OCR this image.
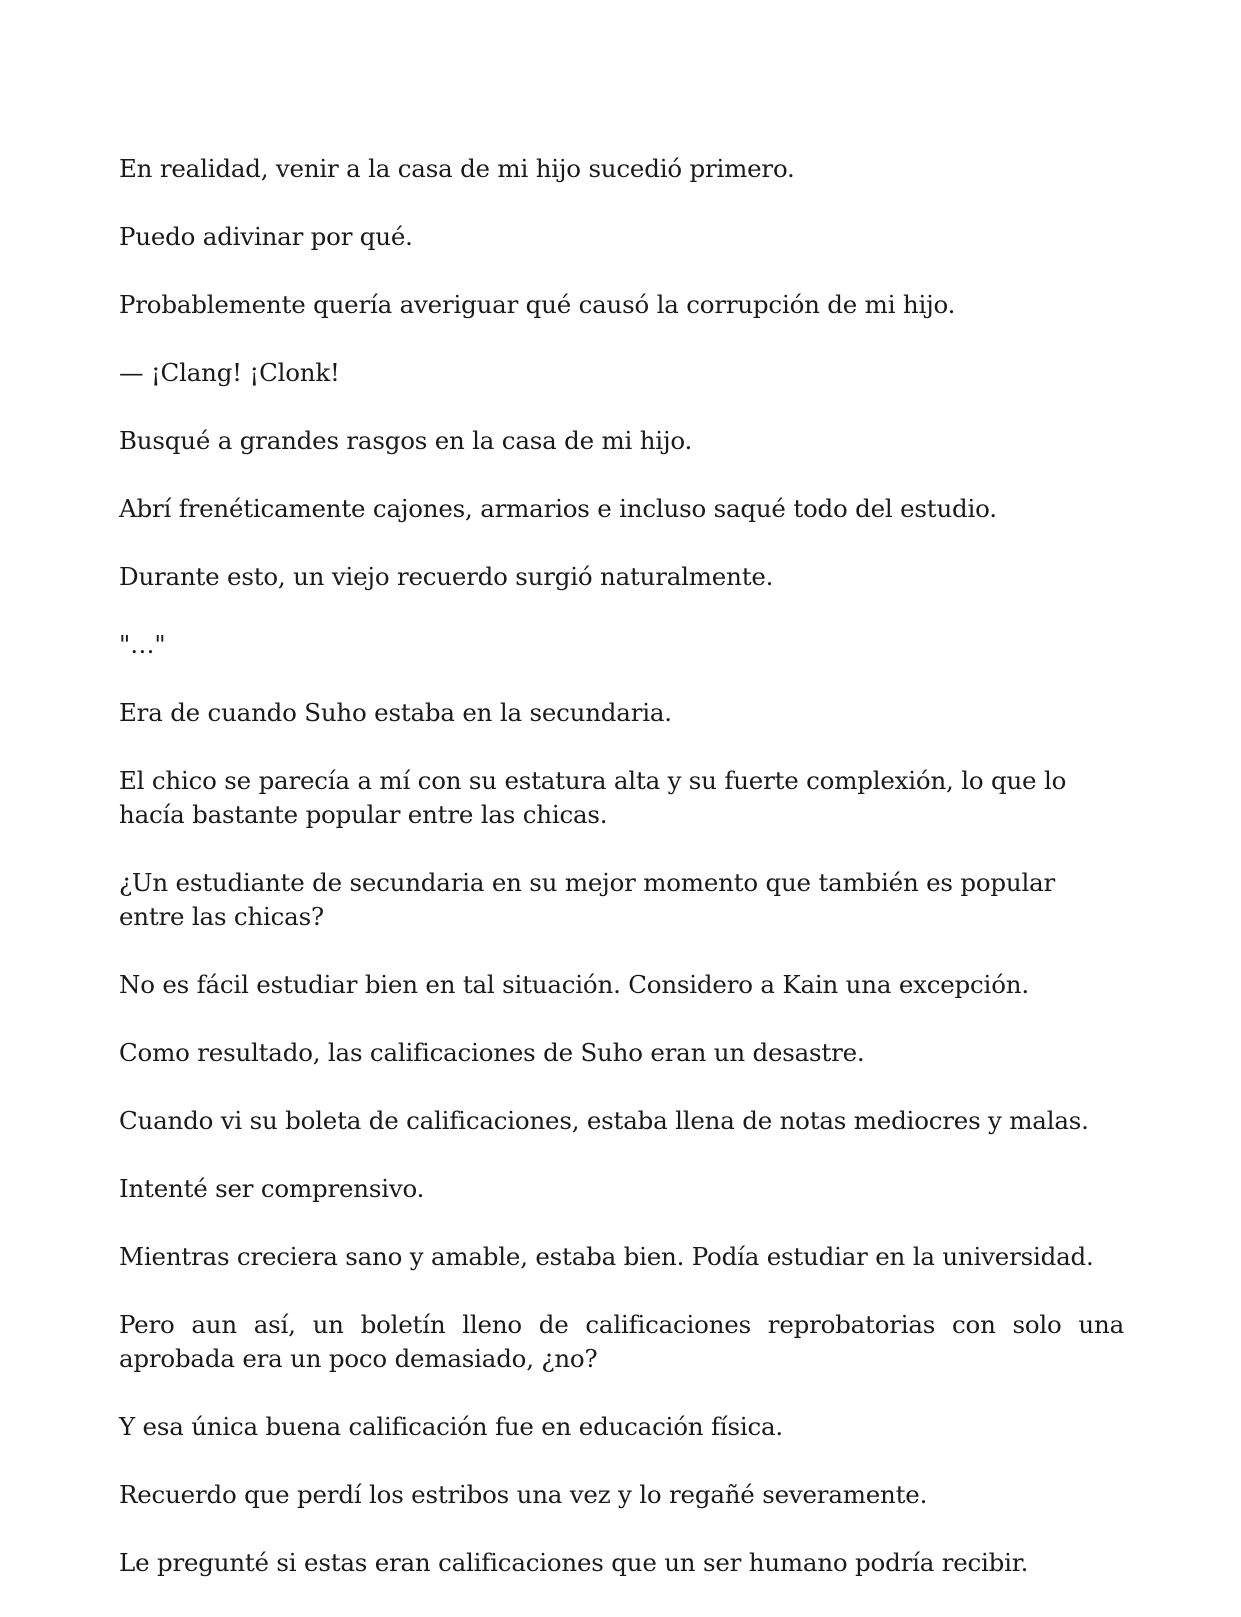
En realidad, venir a la casa de mi hijo sucedió primero.

Puedo adivinar por qué.

Probablemente quería averiguar qué causó la corrupción de mi hijo.

— ¡Clang! ¡Clonk!

Busqué a grandes rasgos en la casa de mi hijo.

Abrí frenéticamente cajones, armarios e incluso saqué todo del estudio.

Durante esto, un viejo recuerdo surgió naturalmente.

"…"

Era de cuando Suho estaba en la secundaria.

El chico se parecía a mí con su estatura alta y su fuerte complexión, lo que lo hacía bastante popular entre las chicas.

¿Un estudiante de secundaria en su mejor momento que también es popular entre las chicas?

No es fácil estudiar bien en tal situación. Considero a Kain una excepción.

Como resultado, las calificaciones de Suho eran un desastre.

Cuando vi su boleta de calificaciones, estaba llena de notas mediocres y malas.

Intenté ser comprensivo.

Mientras creciera sano y amable, estaba bien. Podía estudiar en la universidad.

Pero aun así, un boletín lleno de calificaciones reprobatorias con solo una aprobada era un poco demasiado, ¿no?

Y esa única buena calificación fue en educación física.

Recuerdo que perdí los estribos una vez y lo regañé severamente.

Le pregunté si estas eran calificaciones que un ser humano podría recibir.
